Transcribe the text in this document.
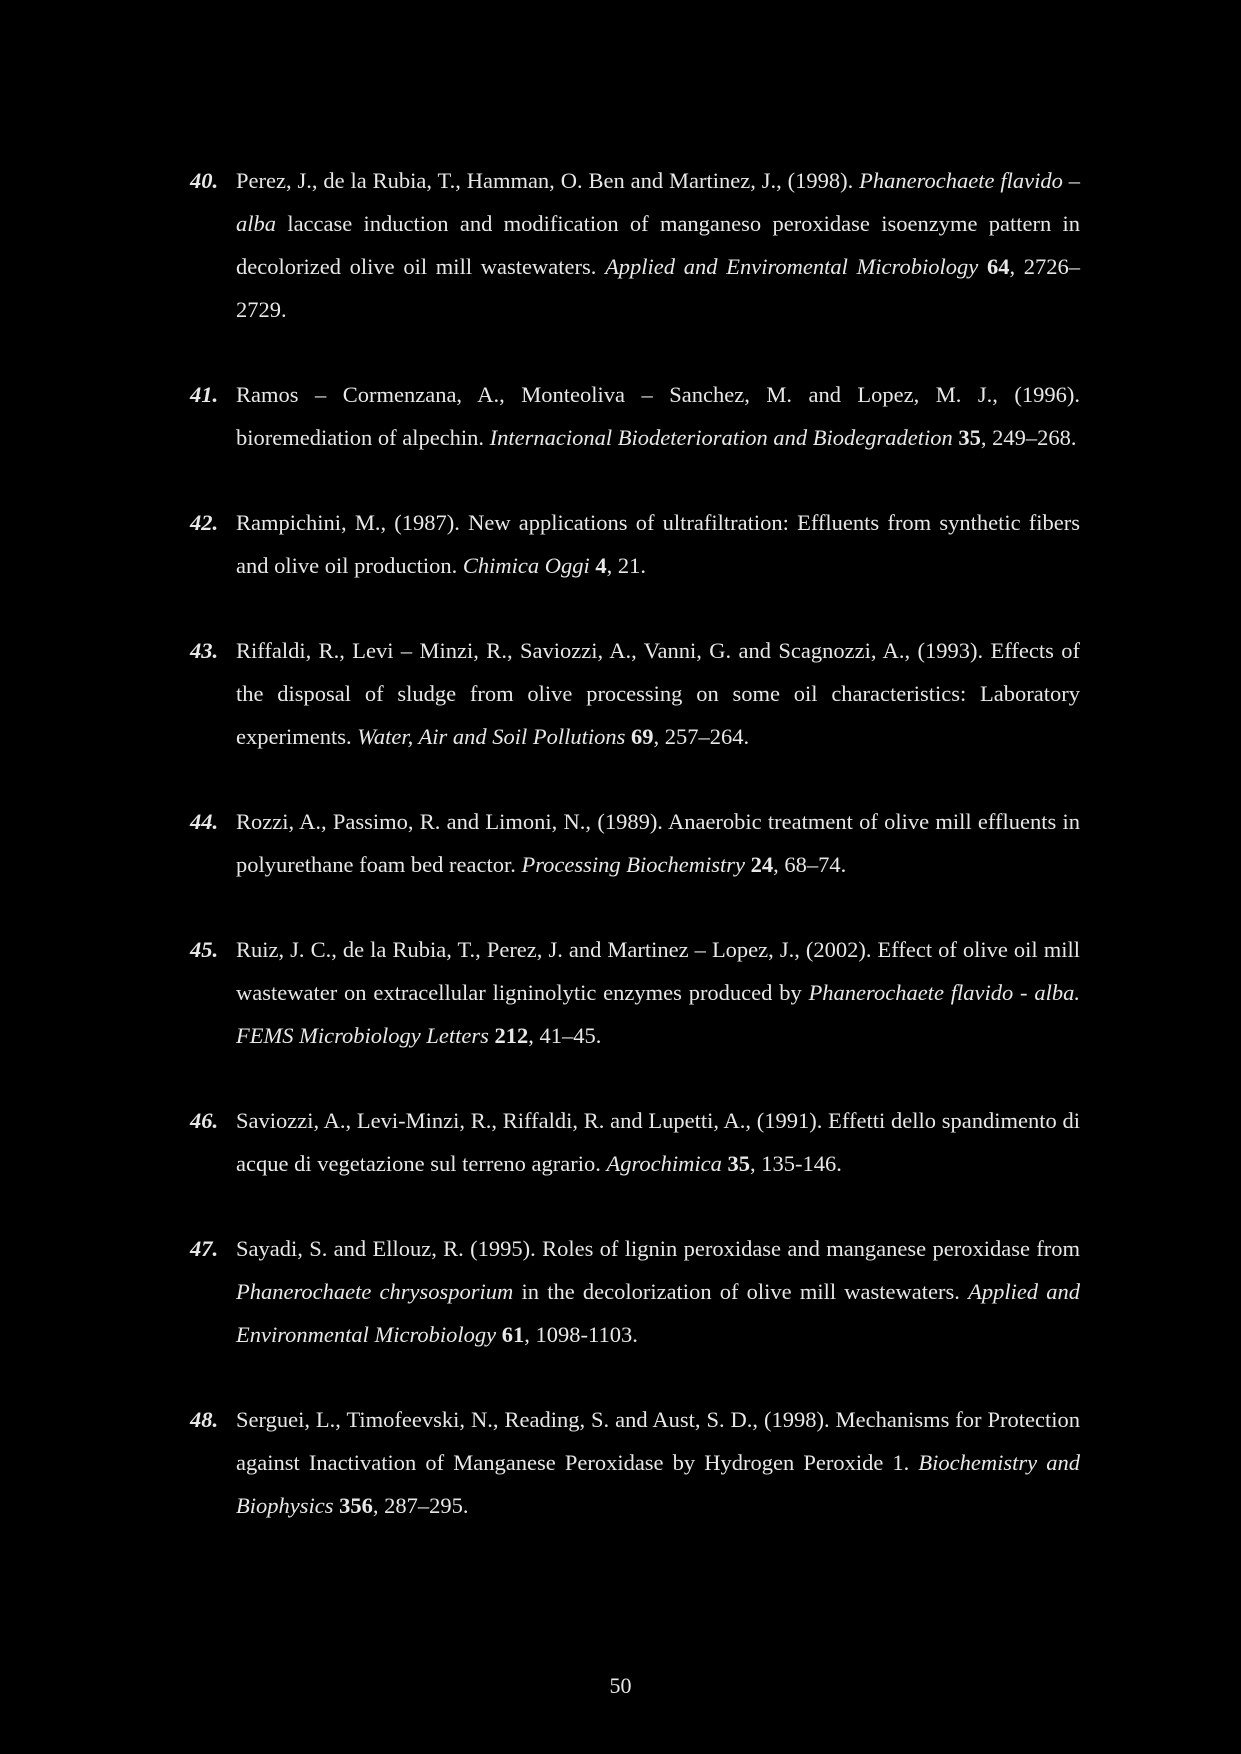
40. Perez, J., de la Rubia, T., Hamman, O. Ben and Martinez, J., (1998). Phanerochaete flavido – alba laccase induction and modification of manganeso peroxidase isoenzyme pattern in decolorized olive oil mill wastewaters. Applied and Enviromental Microbiology 64, 2726–2729.
41. Ramos – Cormenzana, A., Monteoliva – Sanchez, M. and Lopez, M. J., (1996). bioremediation of alpechin. Internacional Biodeterioration and Biodegradetion 35, 249–268.
42. Rampichini, M., (1987). New applications of ultrafiltration: Effluents from synthetic fibers and olive oil production. Chimica Oggi 4, 21.
43. Riffaldi, R., Levi – Minzi, R., Saviozzi, A., Vanni, G. and Scagnozzi, A., (1993). Effects of the disposal of sludge from olive processing on some oil characteristics: Laboratory experiments. Water, Air and Soil Pollutions 69, 257–264.
44. Rozzi, A., Passimo, R. and Limoni, N., (1989). Anaerobic treatment of olive mill effluents in polyurethane foam bed reactor. Processing Biochemistry 24, 68–74.
45. Ruiz, J. C., de la Rubia, T., Perez, J. and Martinez – Lopez, J., (2002). Effect of olive oil mill wastewater on extracellular ligninolytic enzymes produced by Phanerochaete flavido - alba. FEMS Microbiology Letters 212, 41–45.
46. Saviozzi, A., Levi-Minzi, R., Riffaldi, R. and Lupetti, A., (1991). Effetti dello spandimento di acque di vegetazione sul terreno agrario. Agrochimica 35, 135-146.
47. Sayadi, S. and Ellouz, R. (1995). Roles of lignin peroxidase and manganese peroxidase from Phanerochaete chrysosporium in the decolorization of olive mill wastewaters. Applied and Environmental Microbiology 61, 1098-1103.
48. Serguei, L., Timofeevski, N., Reading, S. and Aust, S. D., (1998). Mechanisms for Protection against Inactivation of Manganese Peroxidase by Hydrogen Peroxide 1. Biochemistry and Biophysics 356, 287–295.
50
